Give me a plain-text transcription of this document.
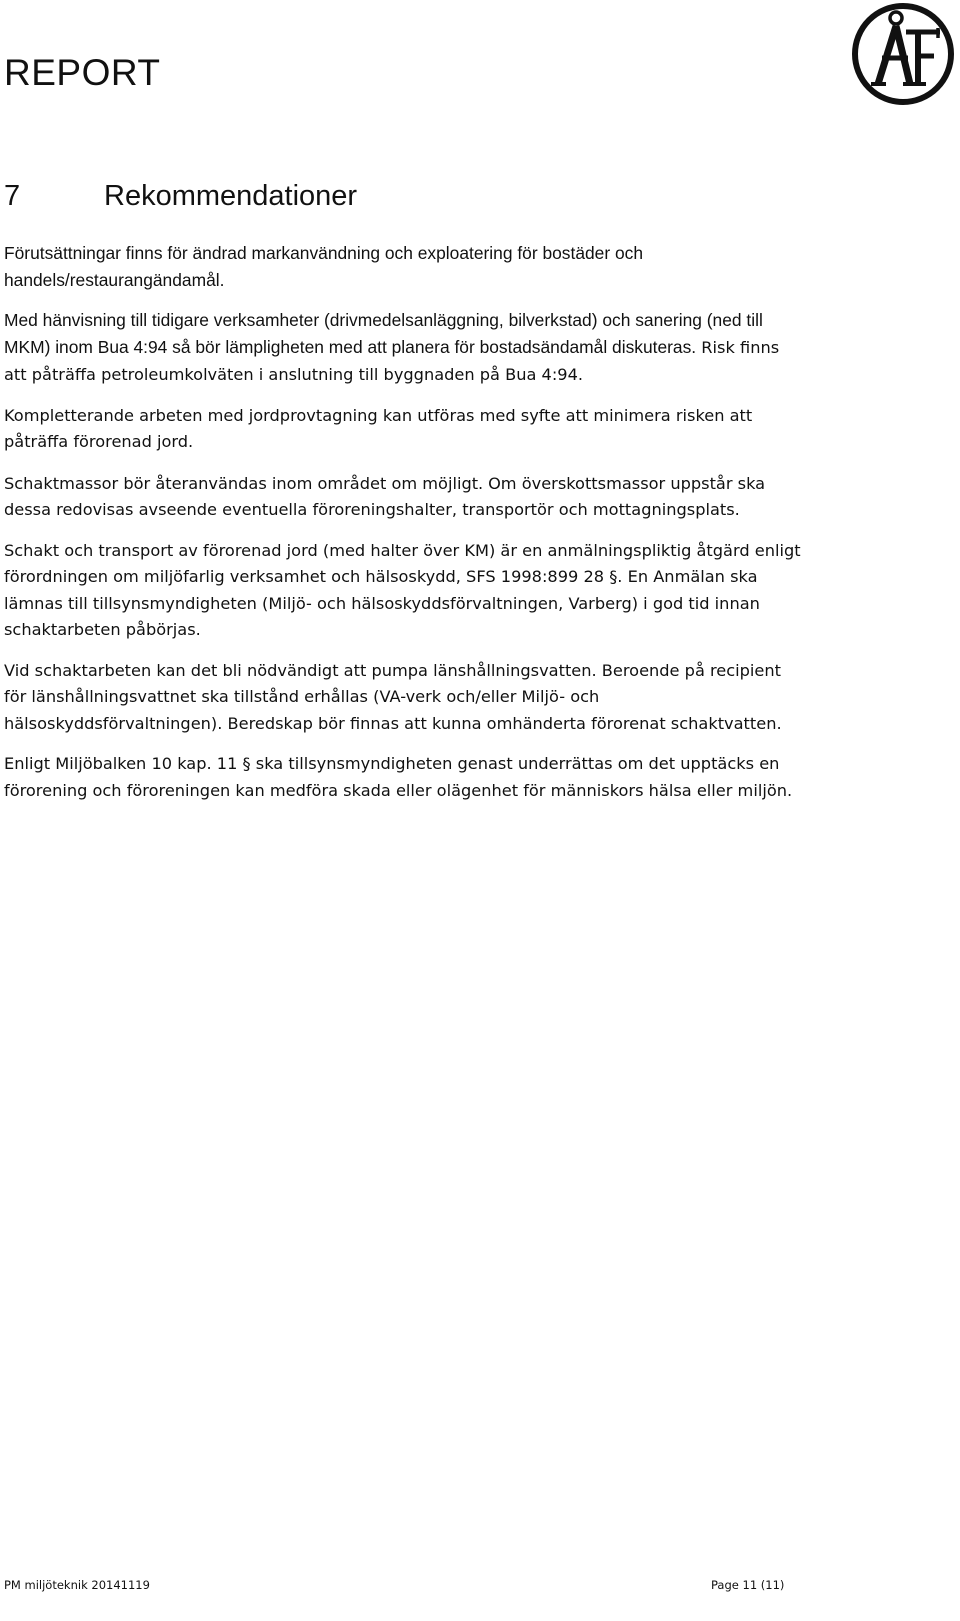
REPORT
7	Rekommendationer

Förutsättningar finns för ändrad markanvändning och exploatering för bostäder och handels/restaurangändamål.

Med hänvisning till tidigare verksamheter (drivmedelsanläggning, bilverkstad) och sanering (ned till MKM) inom Bua 4:94 så bör lämpligheten med att planera för bostadsändamål diskuteras. Risk finns att påträffa petroleumkolväten i anslutning till byggnaden på Bua 4:94.

Kompletterande arbeten med jordprovtagning kan utföras med syfte att minimera risken att påträffa förorenad jord.

Schaktmassor bör återanvändas inom området om möjligt. Om överskottsmassor uppstår ska dessa redovisas avseende eventuella föroreningshalter, transportör och mottagningsplats.

Schakt och transport av förorenad jord (med halter över KM) är en anmälningspliktig åtgärd enligt förordningen om miljöfarlig verksamhet och hälsoskydd, SFS 1998:899 28 §. En Anmälan ska lämnas till tillsynsmyndigheten (Miljö- och hälsoskyddsförvaltningen, Varberg) i god tid innan schaktarbeten påbörjas.

Vid schaktarbeten kan det bli nödvändigt att pumpa länshållningsvatten. Beroende på recipient för länshållningsvattnet ska tillstånd erhållas (VA-verk och/eller Miljö- och hälsoskyddsförvaltningen). Beredskap bör finnas att kunna omhänderta förorenat schaktvatten.

Enligt Miljöbalken 10 kap. 11 § ska tillsynsmyndigheten genast underrättas om det upptäcks en förorening och föroreningen kan medföra skada eller olägenhet för människors hälsa eller miljön.

PM miljöteknik 20141119	Page 11 (11)
